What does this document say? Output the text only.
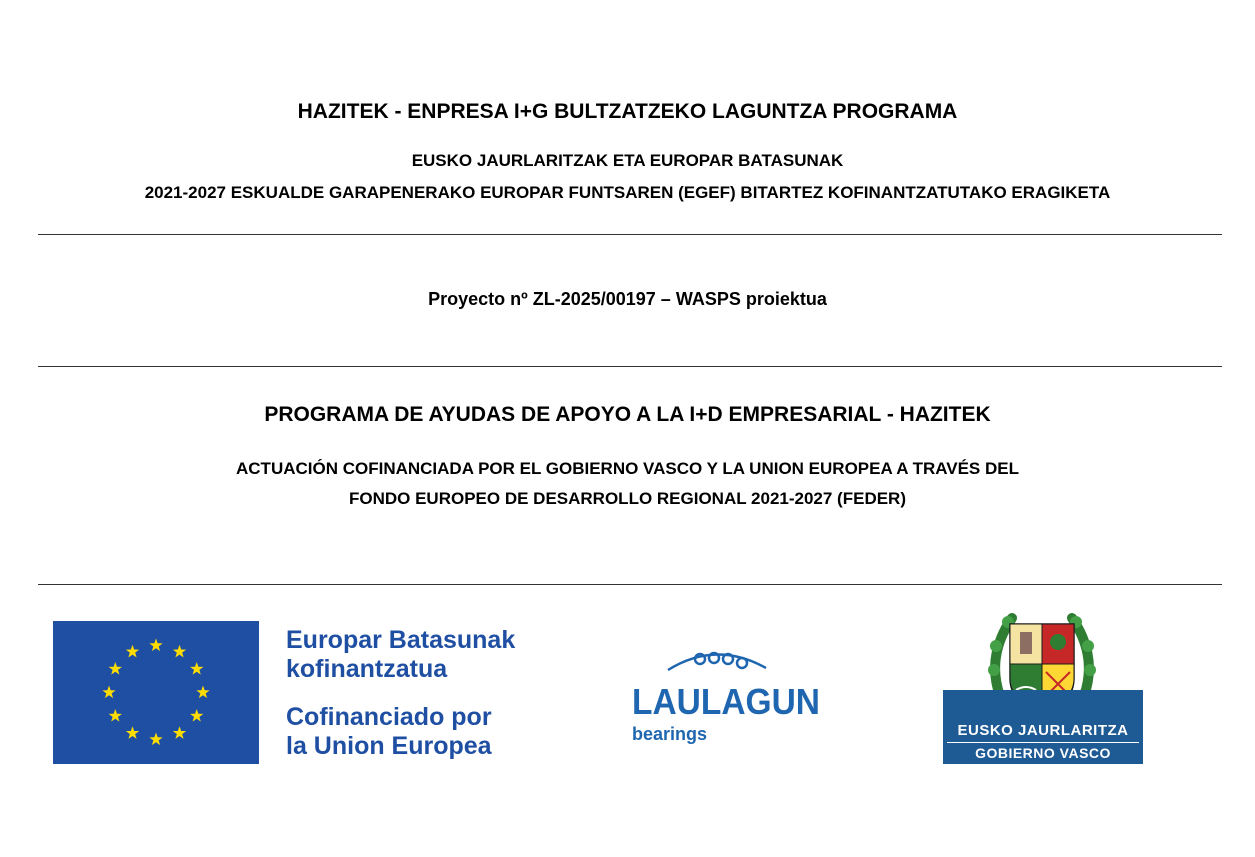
HAZITEK - ENPRESA I+G BULTZATZEKO LAGUNTZA PROGRAMA
EUSKO JAURLARITZAK ETA EUROPAR BATASUNAK
2021-2027 ESKUALDE GARAPENERAKO EUROPAR FUNTSAREN (EGEF) BITARTEZ KOFINANTZATUTAKO ERAGIKETA
Proyecto nº ZL-2025/00197 – WASPS proiektua
PROGRAMA DE AYUDAS DE APOYO A LA I+D EMPRESARIAL - HAZITEK
ACTUACIÓN COFINANCIADA POR EL GOBIERNO VASCO Y LA UNION EUROPEA A TRAVÉS DEL
FONDO EUROPEO DE DESARROLLO REGIONAL 2021-2027 (FEDER)
Europar Batasunak
kofinantzatua
Cofinanciado por
la Union Europea
LAULAGUN
bearings	EUSKO JAURLARITZA
GOBIERNO VASCO
